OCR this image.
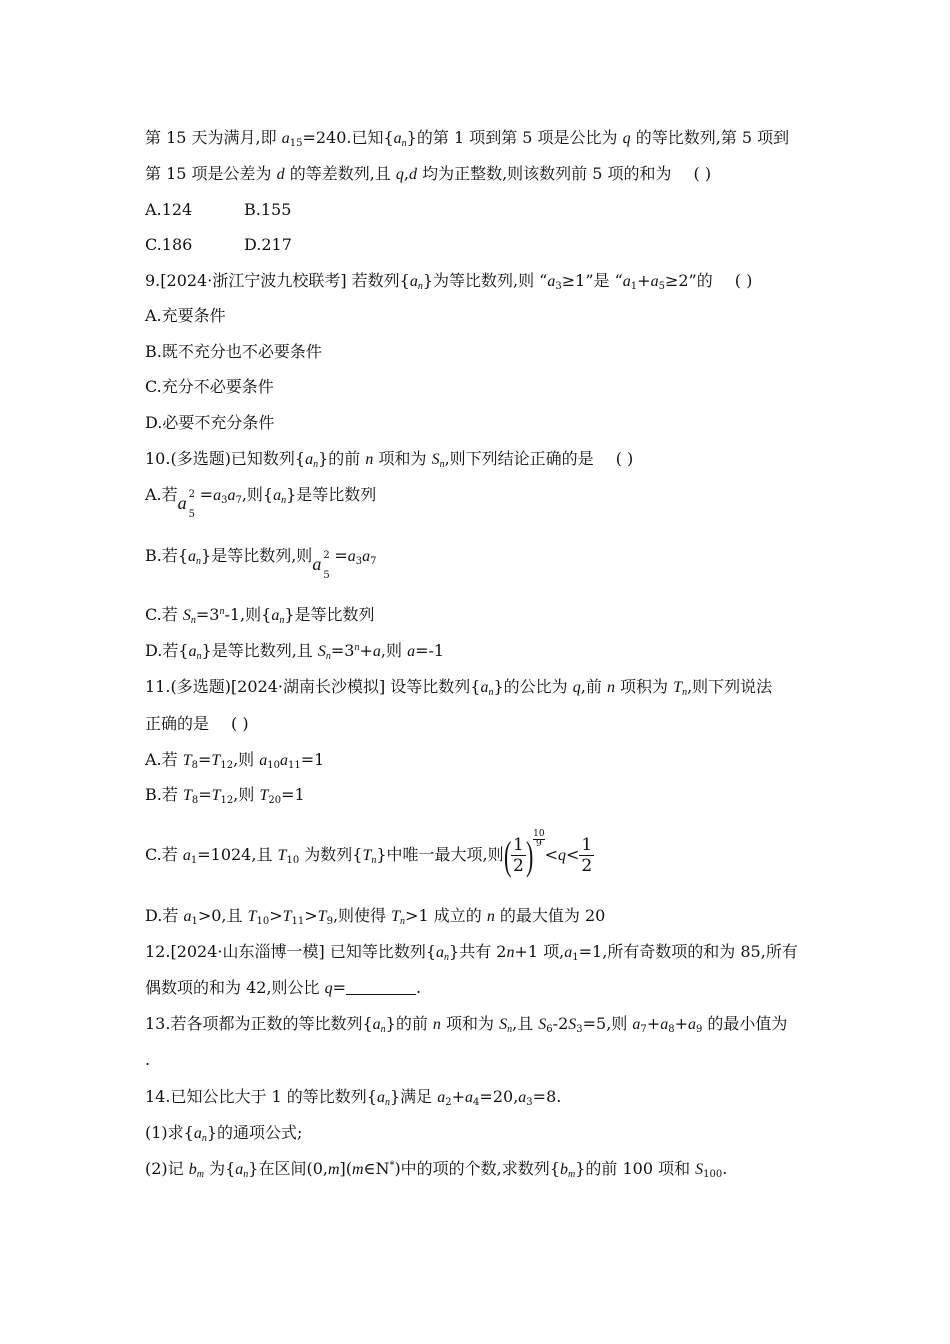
第 15 天为满月,即 $a_{15}=240$.已知$\{a_n\}$的第 1 项到第 5 项是公比为 q 的等比数列,第 5 项到
第 15 项是公差为 d 的等差数列,且 q,d 均为正整数,则该数列前 5 项的和为 ( )
A.124	B.155
C.186	D.217
9.[2024·浙江宁波九校联考] 若数列$\{a_n\}$为等比数列,则 “$a_3\ge 1$”是 “$a_1+a_5\ge 2$”的 ( )
A.充要条件
B.既不充分也不必要条件
C.充分不必要条件
D.必要不充分条件
10.(多选题)已知数列$\{a_n\}$的前 n 项和为 $S_n$,则下列结论正确的是 ( )
A.若 a 2
5
$=a_3a_7$,则$\{a_n\}$是等比数列
B.若$\{a_n\}$是等比数列,则 a 2
5
$=a_3a_7$
C.若 $S_n=3^n-1$,则$\{a_n\}$是等比数列
D.若$\{a_n\}$是等比数列,且 $S_n=3^n+a$,则 a=-1
11.(多选题)[2024·湖南长沙模拟] 设等比数列$\{a_n\}$的公比为 q,前 n 项积为 $T_n$,则下列说法
正确的是 ( )
A.若 $T_8=T_{12}$,则 $a_{10}a_{11}=1$
B.若 $T_8=T_{12}$,则 $T_{20}=1$
C.若 $a_1=1024$,且 $T_{10}$ 为数列$\{T_n\}$中唯一最大项,则( $\frac{1}{2}$ ) $\frac{10}{9}$
$<q< \frac{1}{2}$
D.若 $a_1>0$,且 $T_{10}>T_{11}>T_9$,则使得 $T_n>1$ 成立的 n 的最大值为 20
12.[2024·山东淄博一模] 已知等比数列$\{a_n\}$共有 2n+1 项$,a_1=1$,所有奇数项的和为 85,所有
偶数项的和为 42,则公比 q=	.
13.若各项都为正数的等比数列$\{a_n\}$的前 n 项和为 $S_n$,且 $S_6-2S_3=5$,则 $a_7+a_8+a_9$ 的最小值为
.
14.已知公比大于 1 的等比数列$\{a_n\}$满足 $a_2+a_4=20,a_3=8$.
(1)求$\{a_n\}$的通项公式;
(2)记 $b_m$ 为$\{a_n\}$在区间(0,m](m∈N*)中的项的个数,求数列$\{b_m\}$的前 100 项和 $S_{100}$.
